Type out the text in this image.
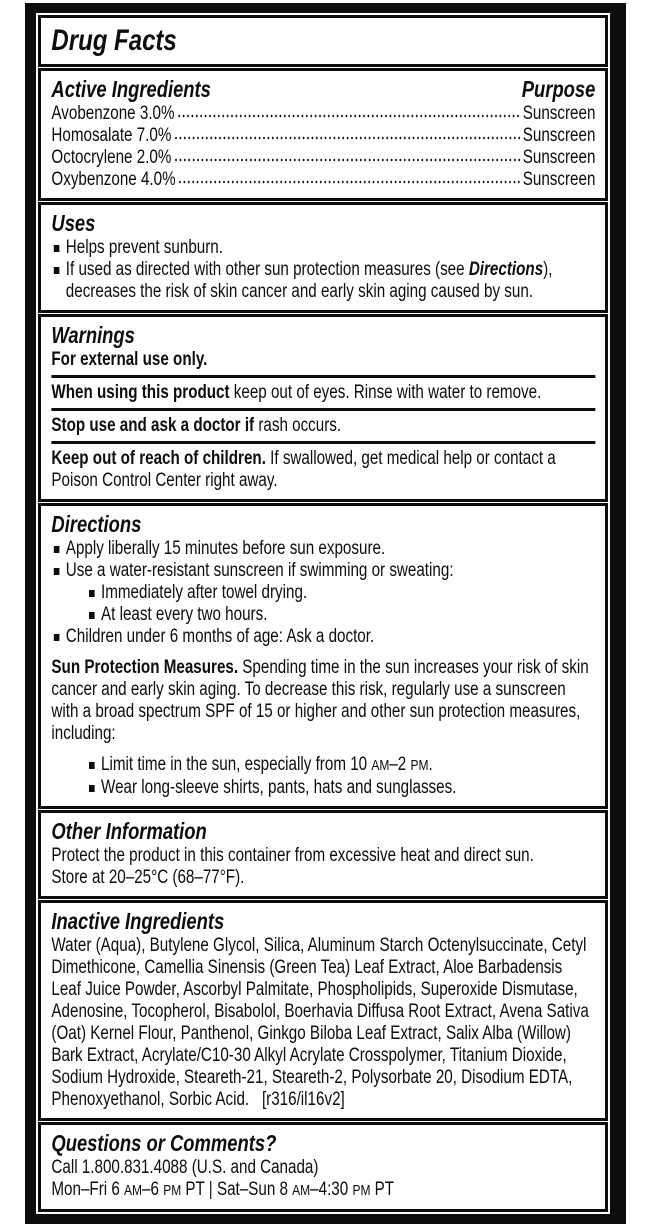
Drug Facts
Active Ingredients	Purpose
Avobenzone 3.0%	Sunscreen
Homosalate 7.0%	Sunscreen
Octocrylene 2.0%	Sunscreen
Oxybenzone 4.0%	Sunscreen
Uses
Helps prevent sunburn.
If used as directed with other sun protection measures (see Directions), decreases the risk of skin cancer and early skin aging caused by sun.
Warnings
For external use only.
When using this product keep out of eyes. Rinse with water to remove.
Stop use and ask a doctor if rash occurs.
Keep out of reach of children. If swallowed, get medical help or contact a Poison Control Center right away.
Directions
Apply liberally 15 minutes before sun exposure.
Use a water-resistant sunscreen if swimming or sweating:
Immediately after towel drying.
At least every two hours.
Children under 6 months of age: Ask a doctor.
Sun Protection Measures. Spending time in the sun increases your risk of skin cancer and early skin aging. To decrease this risk, regularly use a sunscreen with a broad spectrum SPF of 15 or higher and other sun protection measures, including:
Limit time in the sun, especially from 10 AM–2 PM.
Wear long-sleeve shirts, pants, hats and sunglasses.
Other Information
Protect the product in this container from excessive heat and direct sun.
Store at 20–25°C (68–77°F).
Inactive Ingredients
Water (Aqua), Butylene Glycol, Silica, Aluminum Starch Octenylsuccinate, Cetyl Dimethicone, Camellia Sinensis (Green Tea) Leaf Extract, Aloe Barbadensis Leaf Juice Powder, Ascorbyl Palmitate, Phospholipids, Superoxide Dismutase, Adenosine, Tocopherol, Bisabolol, Boerhavia Diffusa Root Extract, Avena Sativa (Oat) Kernel Flour, Panthenol, Ginkgo Biloba Leaf Extract, Salix Alba (Willow) Bark Extract, Acrylate/C10-30 Alkyl Acrylate Crosspolymer, Titanium Dioxide, Sodium Hydroxide, Steareth-21, Steareth-2, Polysorbate 20, Disodium EDTA, Phenoxyethanol, Sorbic Acid. [r316/il16v2]
Questions or Comments?
Call 1.800.831.4088 (U.S. and Canada)
Mon–Fri 6 AM–6 PM PT | Sat–Sun 8 AM–4:30 PM PT
